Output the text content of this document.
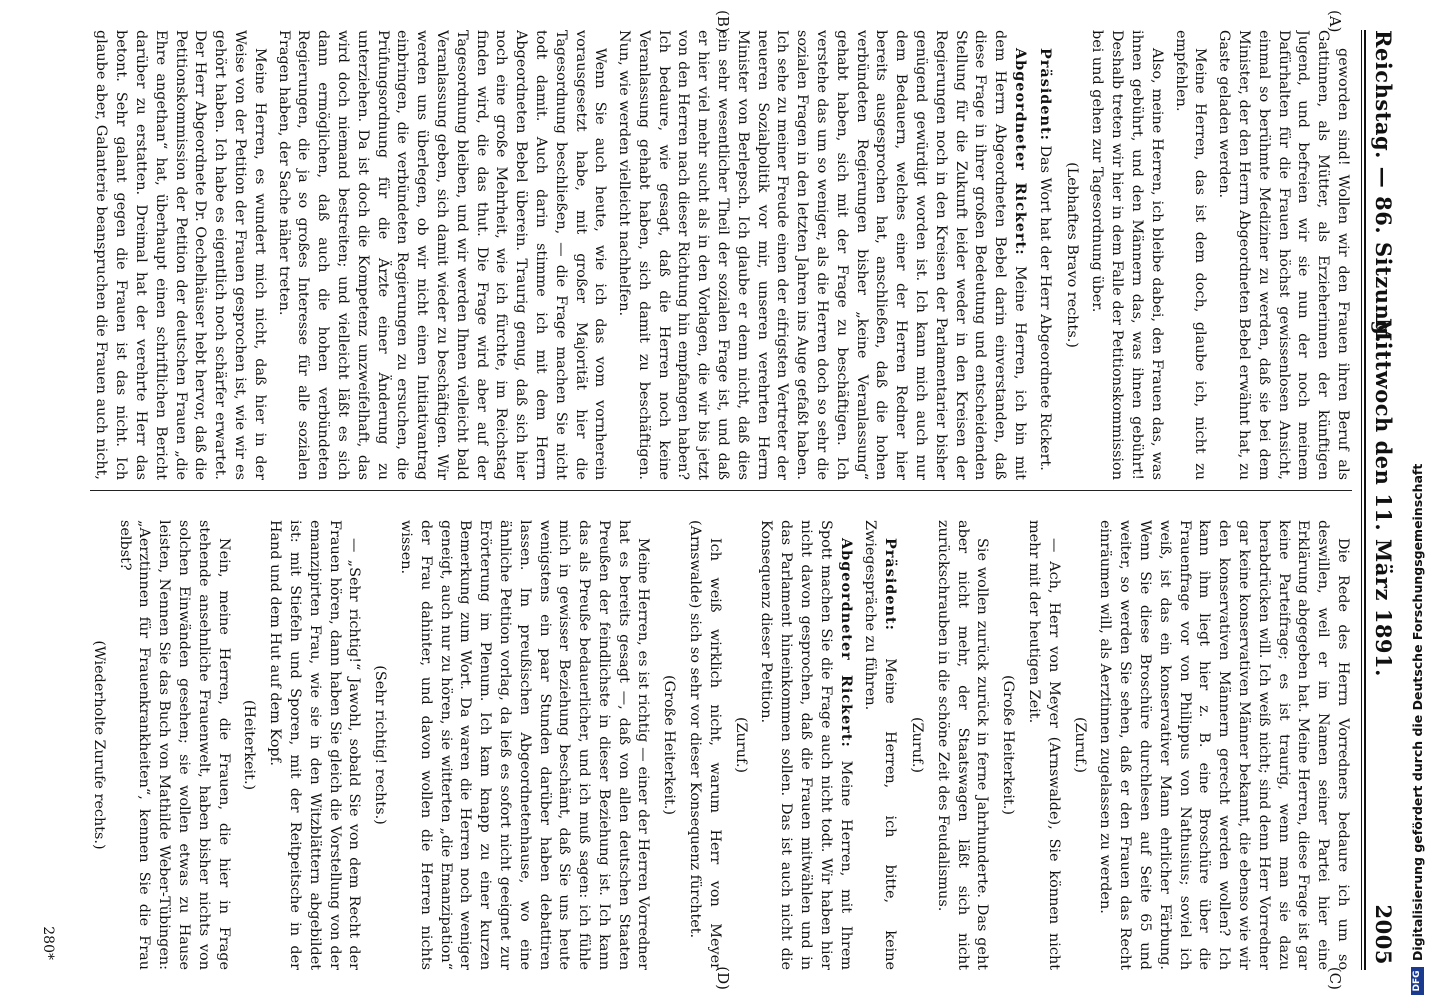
Reichstag. — 86. Sitzung.
Mittwoch den 11. März 1891.
2005
(A)
(B)
(C)
(D)

geworden sind! Wollen wir den Frauen ihren Beruf als Gattinnen, als Mütter, als Erzieherinnen der künftigen Jugend, und befreien wir sie nun der noch meinem Dafürhalten für die Frauen höchst gewissenlosen Ansicht, einmal so berühmte Mediziner zu werden, daß sie bei dem Minister, der den Herrn Abgeordneten Bebel erwähnt hat, zu Gaste geladen werden.

Meine Herren, das ist dem doch, glaube ich, nicht zu empfehlen.

Also, meine Herren, ich bleibe dabei, den Frauen das, was ihnen gebührt, und den Männern das, was ihnen gebührt! Deshalb treten wir hier in dem Falle der Petitionskommission bei und gehen zur Tagesordnung über.

(Lebhaftes Bravo rechts.)

Präsident: Das Wort hat der Herr Abgeordnete Rickert.

Abgeordneter Rickert: Meine Herren, ich bin mit dem Herrn Abgeordneten Bebel darin einverstanden, daß diese Frage in ihrer großen Bedeutung und entscheidenden Stellung für die Zukunft leider weder in den Kreisen der Regierungen noch in den Kreisen der Parlamentarier bisher genügend gewürdigt worden ist. Ich kann mich auch nur dem Bedauern, welches einer der Herren Redner hier bereits ausgesprochen hat, anschließen, daß die hohen verbündeten Regierungen bisher „keine Veranlassung“ gehabt haben, sich mit der Frage zu beschäftigen. Ich verstehe das um so weniger, als die Herren doch so sehr die sozialen Fragen in den letzten Jahren ins Auge gefaßt haben. Ich sehe zu meiner Freude einen der eifrigsten Vertreter der neueren Sozialpolitik vor mir, unseren verehrten Herrn Minister von Berlepsch. Ich glaube er denn nicht, daß dies ein sehr wesentlicher Theil der sozialen Frage ist, und daß er hier viel mehr sucht als in den Vorlagen, die wir bis jetzt von den Herren nach dieser Richtung hin empfangen haben? Ich bedaure, wie gesagt, daß die Herren noch keine Veranlassung gehabt haben, sich damit zu beschäftigen. Nun, wie werden vielleicht nachhelfen.

Wenn Sie auch heute, wie ich das vom vornherein vorausgesetzt habe, mit großer Majorität hier die Tagesordnung beschließen, — die Frage machen Sie nicht todt damit. Auch darin stimme ich mit dem Herrn Abgeordneten Bebel überein. Traurig genug, daß sich hier noch eine große Mehrheit, wie ich fürchte, im Reichstag finden wird, die das thut. Die Frage wird aber auf der Tagesordnung bleiben, und wir werden Ihnen vielleicht bald Veranlassung geben, sich damit wieder zu beschäftigen. Wir werden uns überlegen, ob wir nicht einen Initiativantrag einbringen, die verbündeten Regierungen zu ersuchen, die Prüfungsordnung für die Ärzte einer Änderung zu unterziehen. Da ist doch die Kompetenz unzweifelhaft, das wird doch niemand bestreiten; und vielleicht läßt es sich dann ermöglichen, daß auch die hohen verbündeten Regierungen, die ja so großes Interesse für alle sozialen Fragen haben, der Sache näher treten.

Meine Herren, es wundert mich nicht, daß hier in der Weise von der Petition der Frauen gesprochen ist, wie wir es gehört haben. Ich habe es eigentlich noch schärfer erwartet. Der Herr Abgeordnete Dr. Oechelhäuser hebt hervor, daß die Petitionskommission der Petition der deutschen Frauen „die Ehre angethan“ hat, überhaupt einen schriftlichen Bericht darüber zu erstatten. Dreimal hat der verehrte Herr das betont. Sehr galant gegen die Frauen ist das nicht. Ich glaube aber, Galanterie beanspruchen die Frauen auch nicht,

Die Rede des Herrn Vorredners bedaure ich um so deswillen, weil er im Namen seiner Partei hier eine Erklärung abgegeben hat. Meine Herren, diese Frage ist gar keine Parteifrage; es ist traurig, wenn man sie dazu herabdrücken will. Ich weiß nicht; sind denn Herr Vorredner gar keine konservativen Männer bekannt, die ebenso wie wir den konservativen Männern gerecht werden wollen? Ich kann ihm liegt hier z. B. eine Broschüre über die Frauenfrage vor von Philippus von Nathusius; soviel ich weiß, ist das ein konservativer Mann ehrlicher Färbung. Wenn Sie diese Broschüre durchlesen auf Seite 65 und weiter, so werden Sie sehen, daß er den Frauen das Recht einräumen will, als Aerztinnen zugelassen zu werden.

(Zuruf.)

— Ach, Herr von Meyer (Arnswalde), Sie können nicht mehr mit der heutigen Zeit.

(Große Heiterkeit.)

Sie wollen zurück zurück in ferne Jahrhunderte. Das geht aber nicht mehr, der Staatswagen läßt sich nicht zurückschrauben in die schöne Zeit des Feudalismus.

(Zuruf.)

Präsident: Meine Herren, ich bitte, keine Zwiegespräche zu führen.

Abgeordneter Rickert: Meine Herren, mit Ihrem Spott machen Sie die Frage auch nicht todt. Wir haben hier nicht davon gesprochen, daß die Frauen mitwählen und in das Parlament hineinkommen sollen. Das ist auch nicht die Konsequenz dieser Petition.

(Zuruf.)

Ich weiß wirklich nicht, warum Herr von Meyer (Arnswalde) sich so sehr vor dieser Konsequenz fürchtet.

(Große Heiterkeit.)

Meine Herren, es ist richtig — einer der Herren Vorredner hat es bereits gesagt —, daß von allen deutschen Staaten Preußen der feindlichste in dieser Beziehung ist. Ich kann das als Preuße bedauerlicher, und ich muß sagen: ich fühle mich in gewisser Beziehung beschämt, daß Sie uns heute wenigstens ein paar Stunden darüber haben debattiren lassen. Im preußischen Abgeordnetenhause, wo eine ähnliche Petition vorlag, da ließ es sofort nicht geeignet zur Erörterung im Plenum. Ich kam knapp zu einer kurzen Bemerkung zum Wort. Da waren die Herren noch weniger geneigt, auch nur zu hören, sie witterten „die Emanzipation“ der Frau dahinter, und davon wollen die Herren nichts wissen.

(Sehr richtig! rechts.)

— „Sehr richtig!“ Jawohl, sobald Sie von dem Recht der Frauen hören, dann haben Sie gleich die Vorstellung von der emanzipirten Frau, wie sie in den Witzblättern abgebildet ist: mit Stiefeln und Sporen, mit der Reitpeitsche in der Hand und dem Hut auf dem Kopf.

(Heiterkeit.)

Nein, meine Herren, die Frauen, die hier in Frage stehende ansehnliche Frauenwelt, haben bisher nichts von solchen Einwänden gesehen; sie wollen etwas zu Hause leisten, Nennen Sie das Buch von Mathilde Weber-Tübingen: „Aerztinnen für Frauenkrankheiten“, kennen Sie die Frau selbst?

(Wiederholte Zurufe rechts.)

280*
DFG
Digitalisierung gefördert durch die Deutsche Forschungsgemeinschaft
